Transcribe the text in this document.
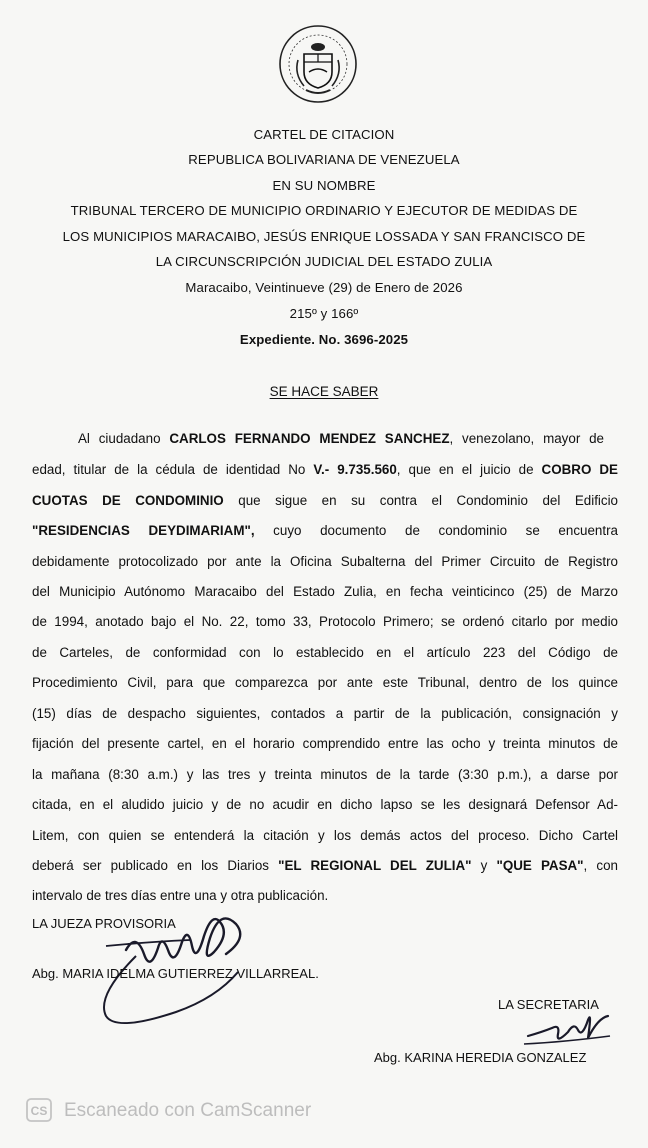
CARTEL DE CITACION
REPUBLICA BOLIVARIANA DE VENEZUELA
EN SU NOMBRE
TRIBUNAL TERCERO DE MUNICIPIO ORDINARIO Y EJECUTOR DE MEDIDAS DE
LOS MUNICIPIOS MARACAIBO, JESÚS ENRIQUE LOSSADA Y SAN FRANCISCO DE
LA CIRCUNSCRIPCIÓN JUDICIAL DEL ESTADO ZULIA
Maracaibo, Veintinueve (29) de Enero de 2026
215º y 166º
Expediente. No. 3696-2025
SE HACE SABER
Al ciudadano CARLOS FERNANDO MENDEZ SANCHEZ, venezolano, mayor de
edad, titular de la cédula de identidad No V.- 9.735.560, que en el juicio de COBRO DE
CUOTAS DE CONDOMINIO que sigue en su contra el Condominio del Edificio
"RESIDENCIAS DEYDIMARIAM", cuyo documento de condominio se encuentra
debidamente protocolizado por ante la Oficina Subalterna del Primer Circuito de Registro
del Municipio Autónomo Maracaibo del Estado Zulia, en fecha veinticinco (25) de Marzo
de 1994, anotado bajo el No. 22, tomo 33, Protocolo Primero; se ordenó citarlo por medio
de Carteles, de conformidad con lo establecido en el artículo 223 del Código de
Procedimiento Civil, para que comparezca por ante este Tribunal, dentro de los quince
(15) días de despacho siguientes, contados a partir de la publicación, consignación y
fijación del presente cartel, en el horario comprendido entre las ocho y treinta minutos de
la mañana (8:30 a.m.) y las tres y treinta minutos de la tarde (3:30 p.m.), a darse por
citada, en el aludido juicio y de no acudir en dicho lapso se les designará Defensor Ad-
Litem, con quien se entenderá la citación y los demás actos del proceso. Dicho Cartel
deberá ser publicado en los Diarios "EL REGIONAL DEL ZULIA" y "QUE PASA", con
intervalo de tres días entre una y otra publicación.
LA JUEZA PROVISORIA
Abg. MARIA IDELMA GUTIERREZ VILLARREAL.
LA SECRETARIA
Abg. KARINA HEREDIA GONZALEZ
CS Escaneado con CamScanner
